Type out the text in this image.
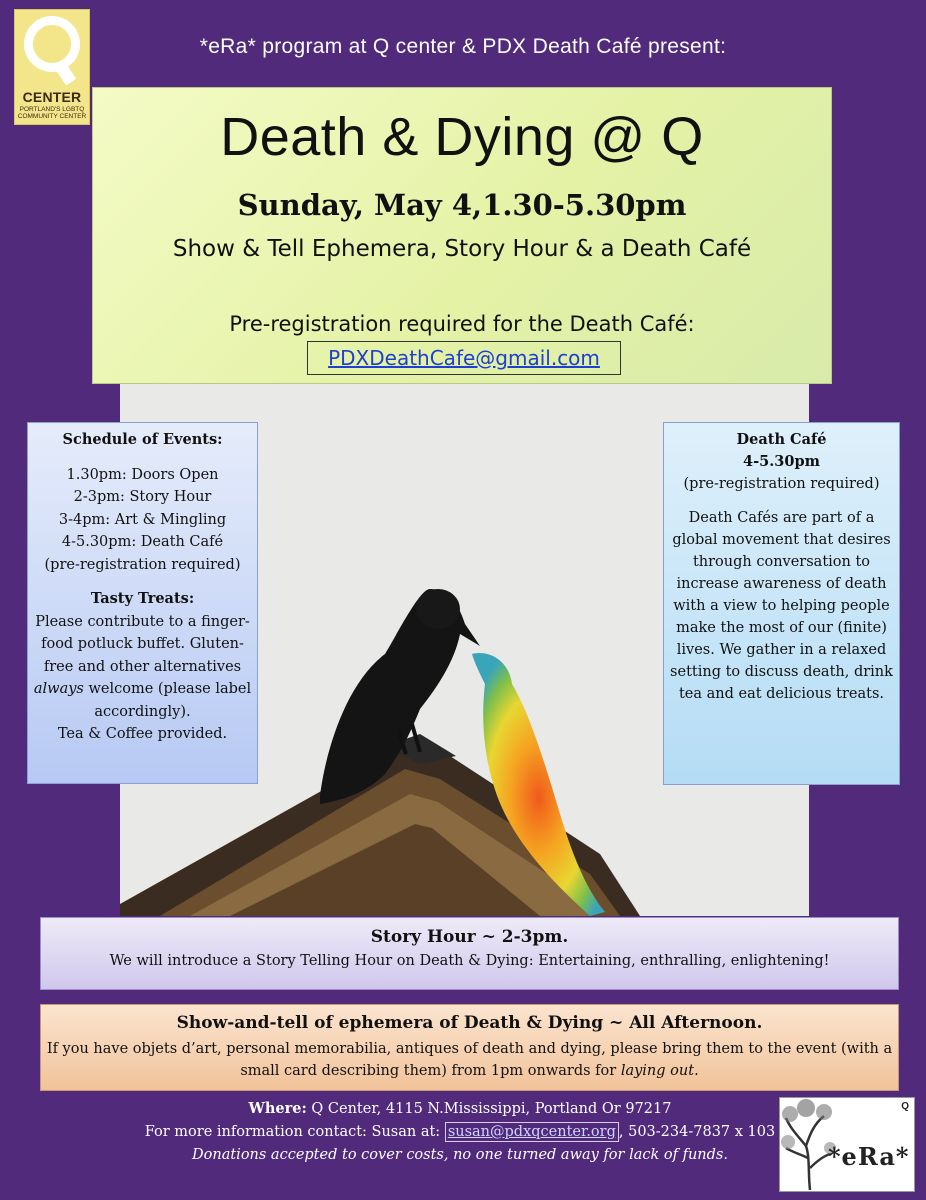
CENTER
PORTLAND'S LGBTQ COMMUNITY CENTER
*eRa* program at Q center & PDX Death Café present:
Death & Dying @ Q
Sunday, May 4,1.30-5.30pm
Show & Tell Ephemera, Story Hour & a Death Café
Pre-registration required for the Death Café:
PDXDeathCafe@gmail.com
Schedule of Events:
1.30pm: Doors Open
2-3pm: Story Hour
3-4pm: Art & Mingling
4-5.30pm: Death Café
(pre-registration required)
Tasty Treats:
Please contribute to a finger-food potluck buffet. Gluten-free and other alternatives always welcome (please label accordingly).
Tea & Coffee provided.
Death Café
4-5.30pm
(pre-registration required)
Death Cafés are part of a global movement that desires through conversation to increase awareness of death with a view to helping people make the most of our (finite) lives. We gather in a relaxed setting to discuss death, drink tea and eat delicious treats.
Story Hour ~ 2-3pm.
We will introduce a Story Telling Hour on Death & Dying: Entertaining, enthralling, enlightening!
Show-and-tell of ephemera of Death & Dying ~ All Afternoon.
If you have objets d’art, personal memorabilia, antiques of death and dying, please bring them to the event (with a small card describing them) from 1pm onwards for laying out.
Where: Q Center, 4115 N.Mississippi, Portland Or 97217
For more information contact: Susan at: susan@pdxqcenter.org , 503-234-7837 x 103
Donations accepted to cover costs, no one turned away for lack of funds.
Q
*eRa*
